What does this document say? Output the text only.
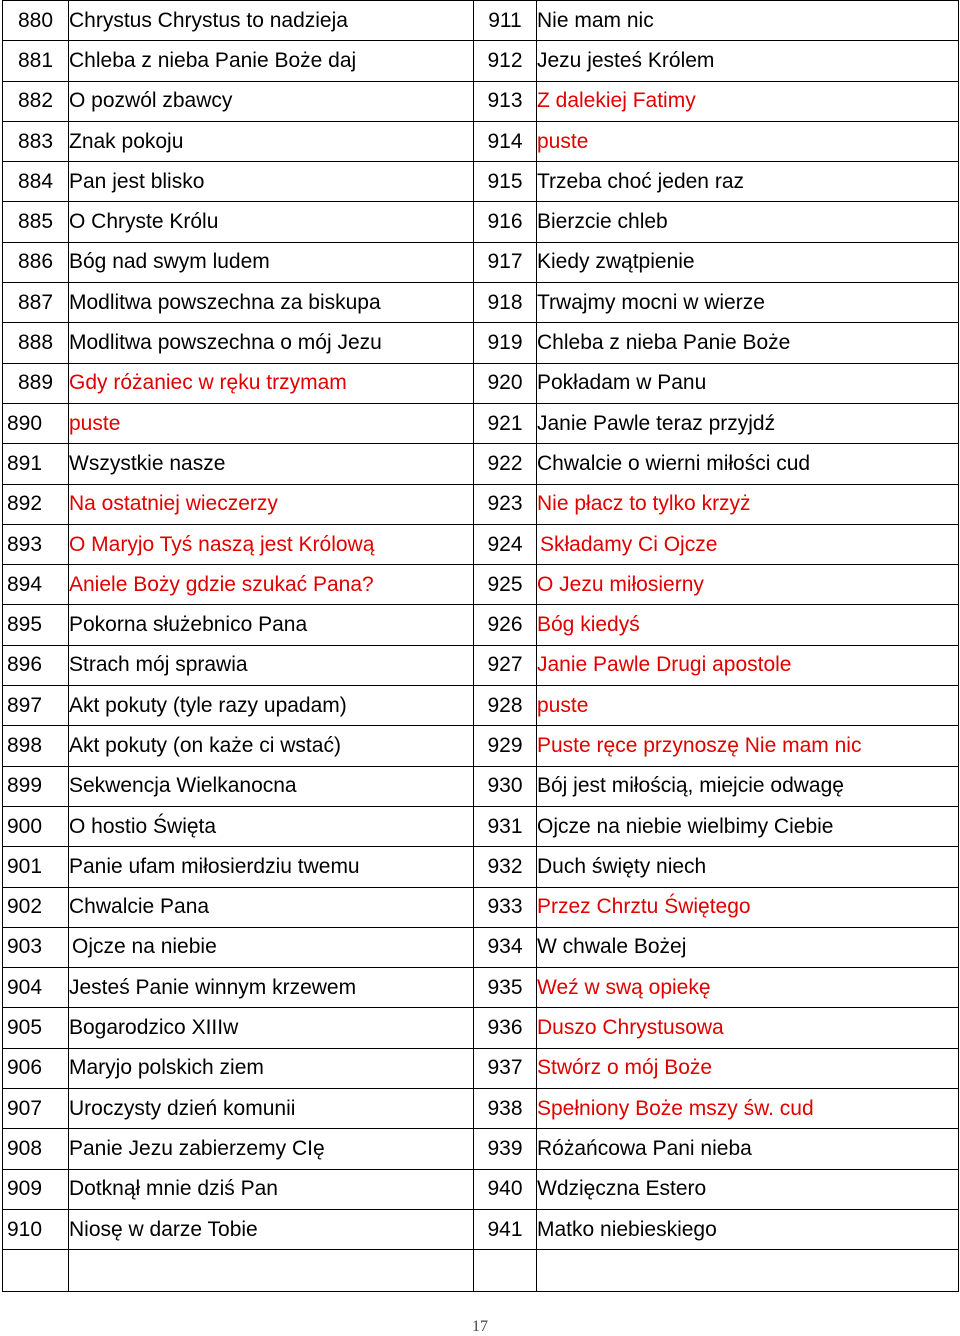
880	Chrystus Chrystus to nadzieja	911	Nie mam nic
881	Chleba z nieba Panie Boże daj	912	Jezu jesteś Królem
882	O pozwól zbawcy	913	Z dalekiej Fatimy
883	Znak pokoju	914	puste
884	Pan jest blisko	915	Trzeba choć jeden raz
885	O Chryste Królu	916	Bierzcie chleb
886	Bóg nad swym ludem	917	Kiedy zwątpienie
887	Modlitwa powszechna za biskupa	918	Trwajmy mocni w wierze
888	Modlitwa powszechna o mój Jezu	919	Chleba z nieba Panie Boże
889	Gdy różaniec w ręku trzymam	920	Pokładam w Panu
890	puste	921	Janie Pawle teraz przyjdź
891	Wszystkie nasze	922	Chwalcie o wierni miłości cud
892	Na ostatniej wieczerzy	923	Nie płacz to tylko krzyż
893	O Maryjo Tyś naszą jest Królową	924	Składamy Ci Ojcze
894	Aniele Boży gdzie szukać Pana?	925	O Jezu miłosierny
895	Pokorna służebnico Pana	926	Bóg kiedyś
896	Strach mój sprawia	927	Janie Pawle Drugi apostole
897	Akt pokuty (tyle razy upadam)	928	puste
898	Akt pokuty (on każe ci wstać)	929	Puste ręce przynoszę Nie mam nic
899	Sekwencja Wielkanocna	930	Bój jest miłością, miejcie odwagę
900	O hostio Święta	931	Ojcze na niebie wielbimy Ciebie
901	Panie ufam miłosierdziu twemu	932	Duch święty niech
902	Chwalcie Pana	933	Przez Chrztu Świętego
903	Ojcze na niebie	934	W chwale Bożej
904	Jesteś Panie winnym krzewem	935	Weź w swą opiekę
905	Bogarodzico XIIIw	936	Duszo Chrystusowa
906	Maryjo polskich ziem	937	Stwórz o mój Boże
907	Uroczysty dzień komunii	938	Spełniony Boże mszy św. cud
908	Panie Jezu zabierzemy CIę	939	Różańcowa Pani nieba
909	Dotknął mnie dziś Pan	940	Wdzięczna Estero
910	Niosę w darze Tobie	941	Matko niebieskiego

17
